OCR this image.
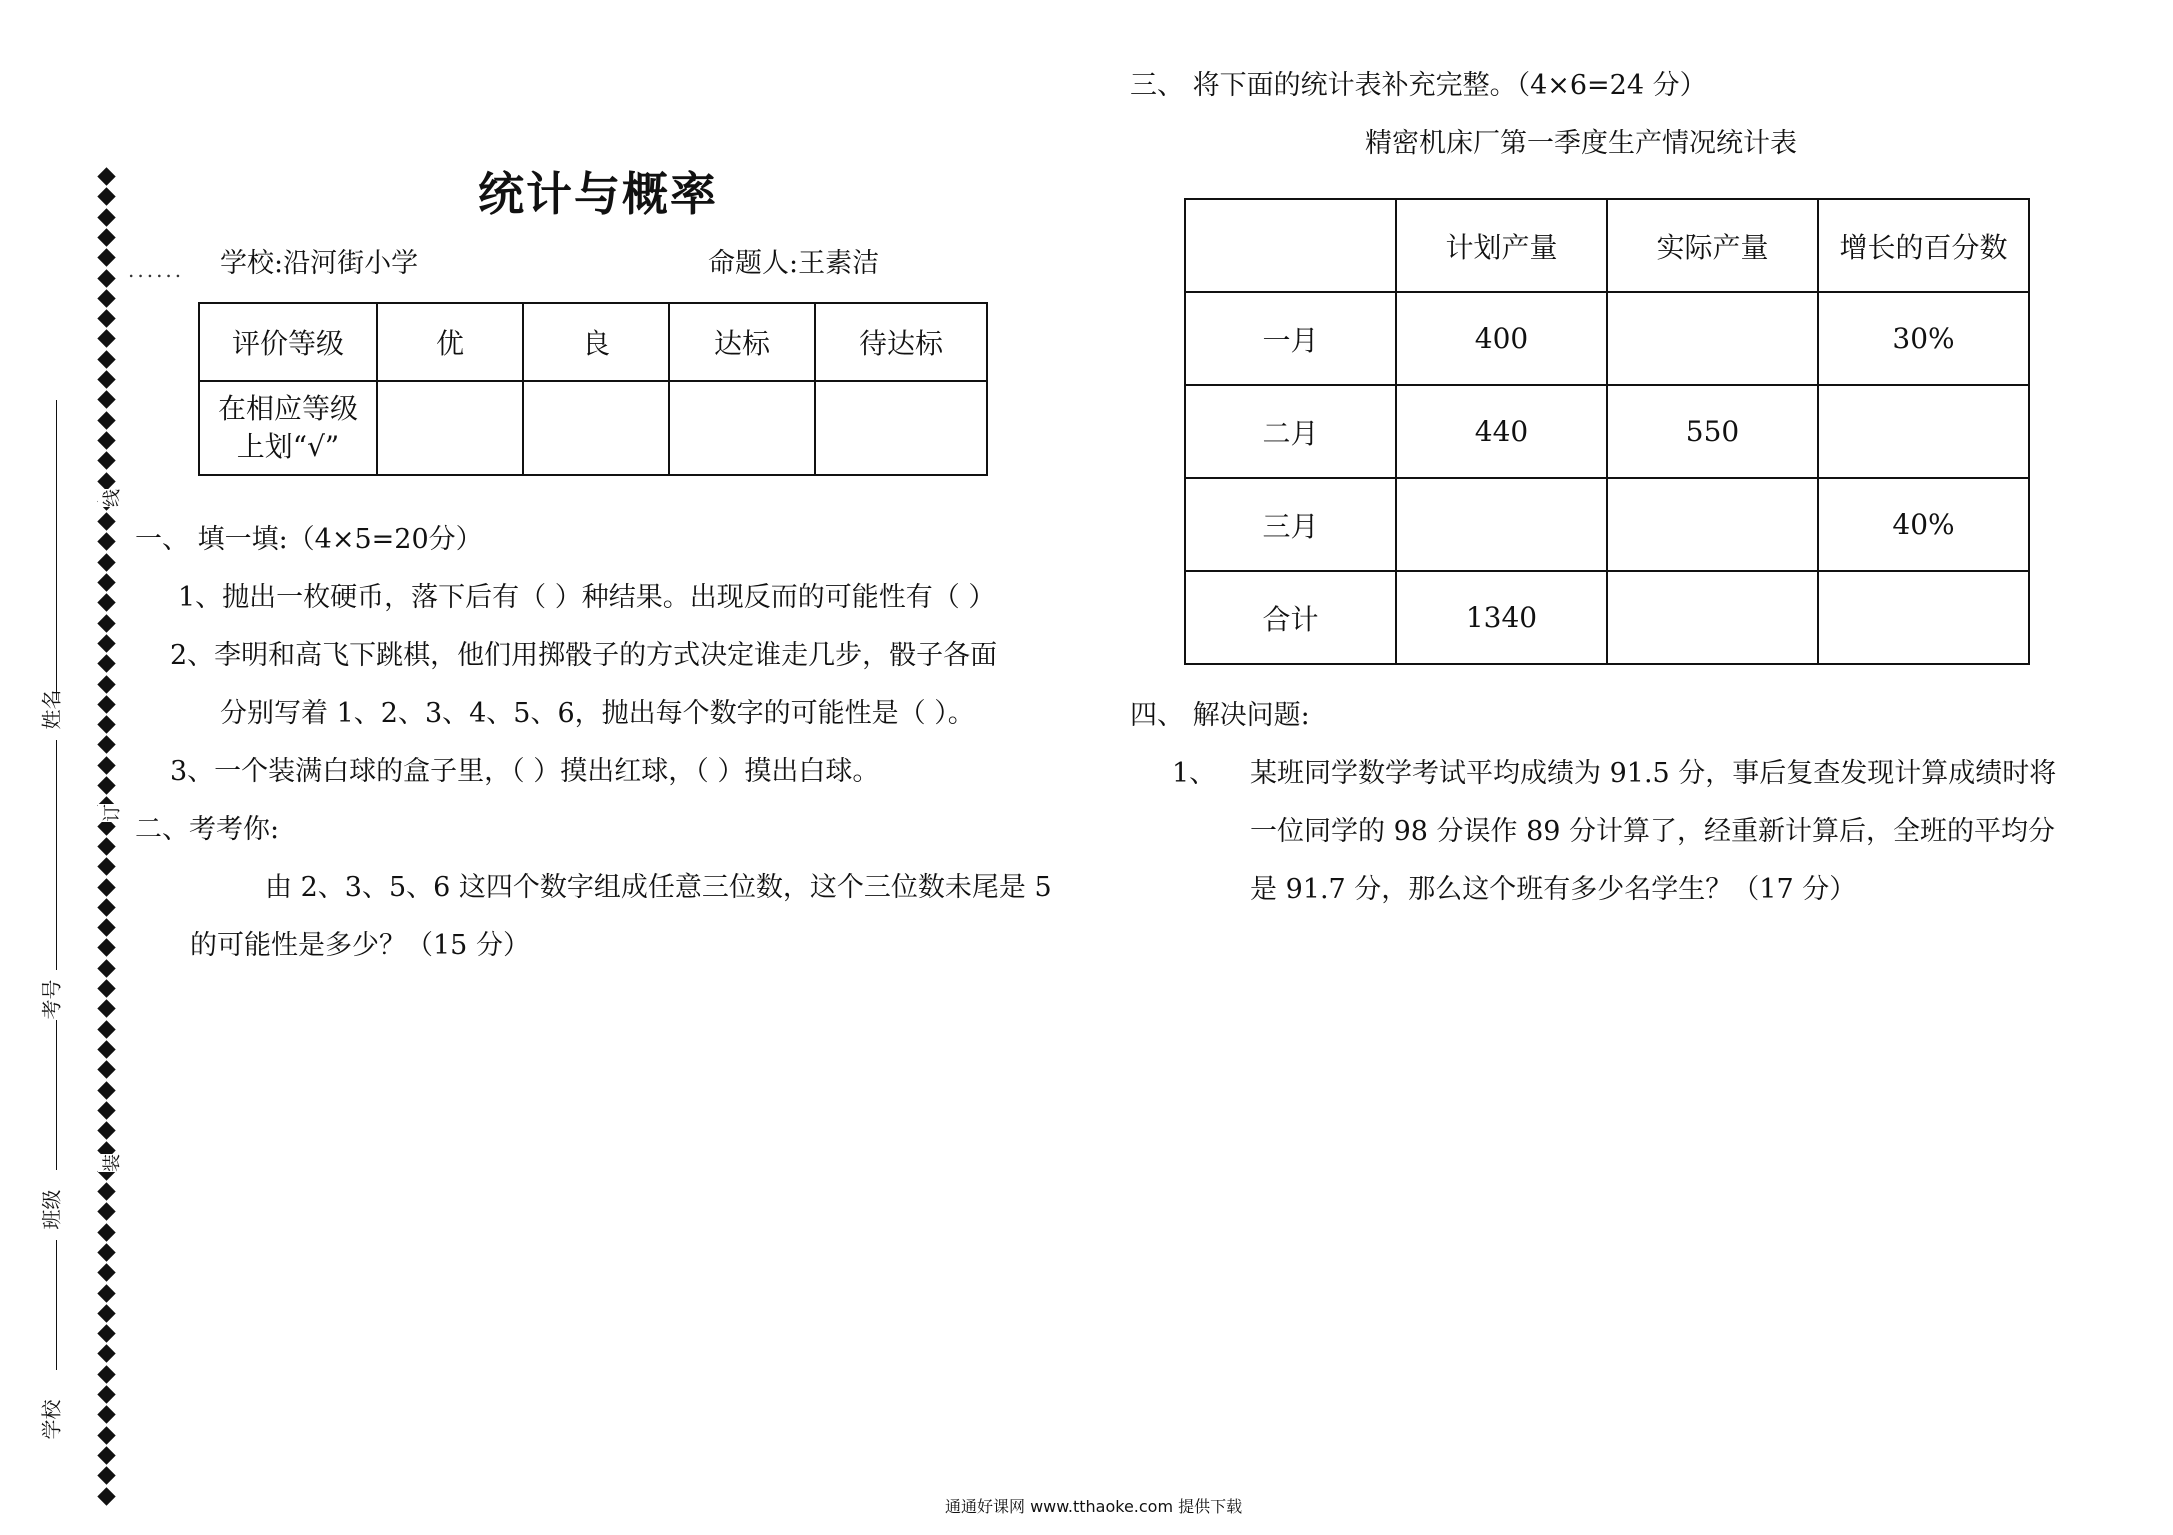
姓名
考号
班级
学校
线
订
装
统计与概率
...... 学校:沿河街小学	命题人:王素洁
评价等级	优	良	达标	待达标

在相应等级
上划“√”				

一、 填一填:（4×5=20分）
1、抛出一枚硬币，落下后有（ ）种结果。出现反而的可能性有（ ）
2、李明和高飞下跳棋，他们用掷骰子的方式决定谁走几步，骰子各面
分别写着 1、2、3、4、5、6，抛出每个数字的可能性是（ ）。
3、一个装满白球的盒子里，（ ）摸出红球，（ ）摸出白球。
二、考考你:
由 2、3、5、6 这四个数字组成任意三位数，这个三位数未尾是 5
的可能性是多少？（15 分）
三、 将下面的统计表补充完整。（4×6=24 分）
精密机床厂第一季度生产情况统计表
	计划产量	实际产量	增长的百分数
一月	400		30%
二月	440	550	
三月			40%
合计	1340		
四、 解决问题:
1、 某班同学数学考试平均成绩为 91.5 分，事后复查发现计算成绩时将
一位同学的 98 分误作 89 分计算了，经重新计算后，全班的平均分
是 91.7 分，那么这个班有多少名学生？（17 分）
通通好课网 www.tthaoke.com 提供下载
